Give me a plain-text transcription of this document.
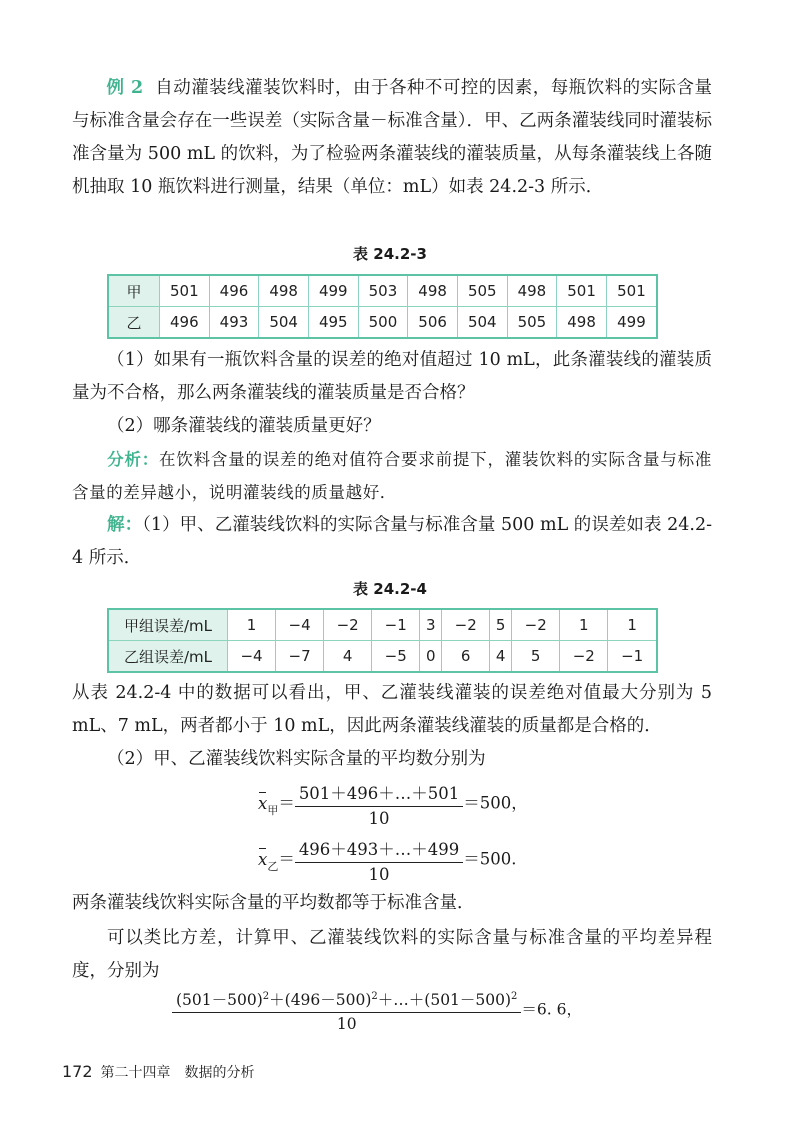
例 2 自动灌装线灌装饮料时，由于各种不可控的因素，每瓶饮料的实际含量与标准含量会存在一些误差（实际含量－标准含量）．甲、乙两条灌装线同时灌装标准含量为 500 mL 的饮料，为了检验两条灌装线的灌装质量，从每条灌装线上各随机抽取 10 瓶饮料进行测量，结果（单位：mL）如表 24.2-3 所示．

表 24.2-3
甲	501	496	498	499	503	498	505	498	501	501
乙	496	493	504	495	500	506	504	505	498	499

（1）如果有一瓶饮料含量的误差的绝对值超过 10 mL，此条灌装线的灌装质量为不合格，那么两条灌装线的灌装质量是否合格？

（2）哪条灌装线的灌装质量更好？

分析：在饮料含量的误差的绝对值符合要求前提下，灌装饮料的实际含量与标准含量的差异越小，说明灌装线的质量越好．

解：（1）甲、乙灌装线饮料的实际含量与标准含量 500 mL 的误差如表 24.2-4 所示．

表 24.2-4
甲组误差/mL	1	−4	−2	−1	3	−2	5	−2	1	1
乙组误差/mL	−4	−7	4	−5	0	6	4	5	−2	−1

从表 24.2-4 中的数据可以看出，甲、乙灌装线灌装的误差绝对值最大分别为 5 mL、7 mL，两者都小于 10 mL，因此两条灌装线灌装的质量都是合格的．

（2）甲、乙灌装线饮料实际含量的平均数分别为

$x_甲= \frac{501+496+\dots+501}{10} =500$，
$x_乙= \frac{496+493+\dots+499}{10} =500$.

两条灌装线饮料实际含量的平均数都等于标准含量．

可以类比方差，计算甲、乙灌装线饮料的实际含量与标准含量的平均差异程度，分别为

$\frac{(501-500)^2+(496-500)^2+\dots+(501-500)^2}{10} =6$. 6，
172 第二十四章　数据的分析
